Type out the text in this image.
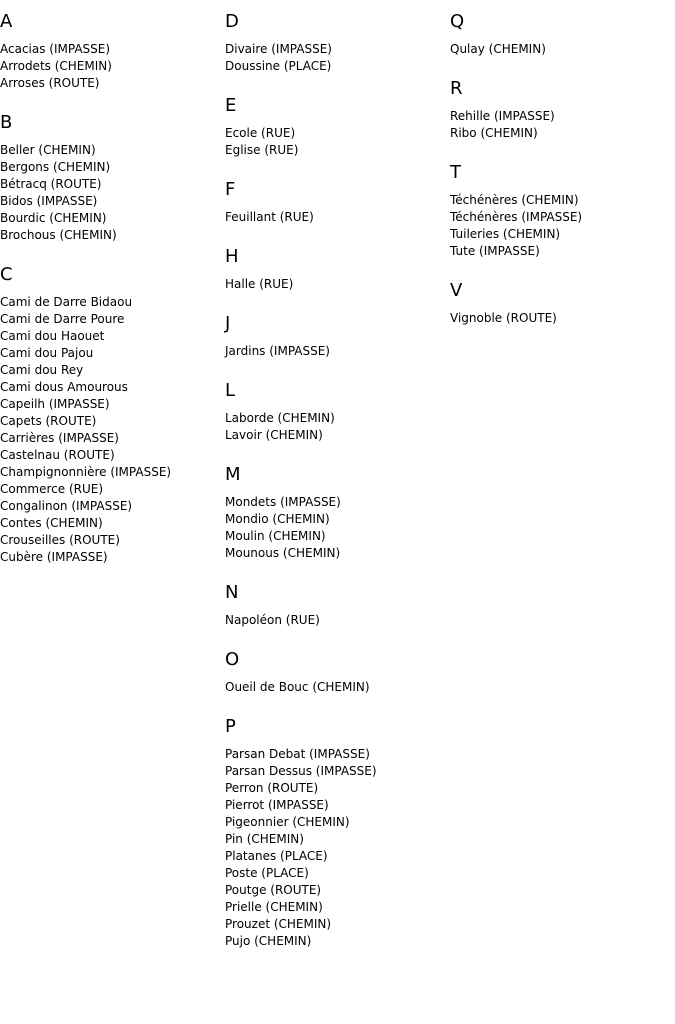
A
Acacias (IMPASSE)
Arrodets (CHEMIN)
Arroses (ROUTE)
B
Beller (CHEMIN)
Bergons (CHEMIN)
Bétracq (ROUTE)
Bidos (IMPASSE)
Bourdic (CHEMIN)
Brochous (CHEMIN)
C
Cami de Darre Bidaou
Cami de Darre Poure
Cami dou Haouet
Cami dou Pajou
Cami dou Rey
Cami dous Amourous
Capeilh (IMPASSE)
Capets (ROUTE)
Carrières (IMPASSE)
Castelnau (ROUTE)
Champignonnière (IMPASSE)
Commerce (RUE)
Congalinon (IMPASSE)
Contes (CHEMIN)
Crouseilles (ROUTE)
Cubère (IMPASSE)
D
Divaire (IMPASSE)
Doussine (PLACE)
E
Ecole (RUE)
Eglise (RUE)
F
Feuillant (RUE)
H
Halle (RUE)
J
Jardins (IMPASSE)
L
Laborde (CHEMIN)
Lavoir (CHEMIN)
M
Mondets (IMPASSE)
Mondio (CHEMIN)
Moulin (CHEMIN)
Mounous (CHEMIN)
N
Napoléon (RUE)
O
Oueil de Bouc (CHEMIN)
P
Parsan Debat (IMPASSE)
Parsan Dessus (IMPASSE)
Perron (ROUTE)
Pierrot (IMPASSE)
Pigeonnier (CHEMIN)
Pin (CHEMIN)
Platanes (PLACE)
Poste (PLACE)
Poutge (ROUTE)
Prielle (CHEMIN)
Prouzet (CHEMIN)
Pujo (CHEMIN)
Q
Qulay (CHEMIN)
R
Rehille (IMPASSE)
Ribo (CHEMIN)
T
Téchénères (CHEMIN)
Téchénères (IMPASSE)
Tuileries (CHEMIN)
Tute (IMPASSE)
V
Vignoble (ROUTE)
